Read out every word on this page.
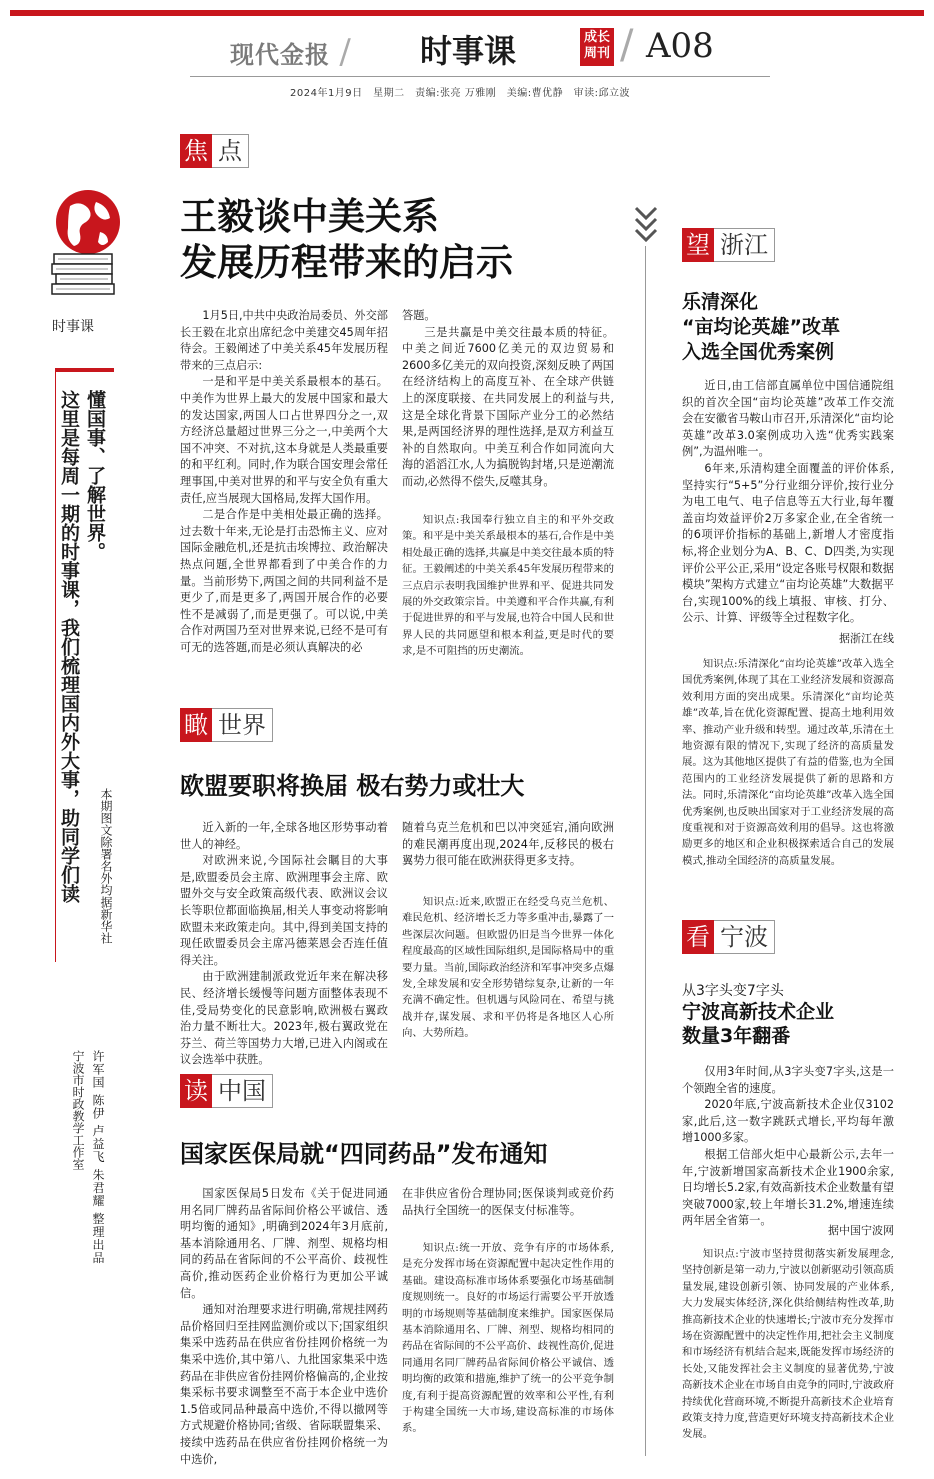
现代金报 / 时事课	成长周刊 / A08
2024年1月9日　星期二　责编:张亮 万雅刚　美编:曹优静　审读:邱立波
时事课
懂国事、了解世界。
这里是每周一期的时事课，我们梳理国内外大事，助同学们读 本期图文除署名外均据新华社
许军国 陈伊 卢益飞 朱君耀 整理出品
宁波市时政教学工作室
焦 点
王毅谈中美关系
发展历程带来的启示

1月5日,中共中央政治局委员、外交部长王毅在北京出席纪念中美建交45周年招待会。王毅阐述了中美关系45年发展历程带来的三点启示:

一是和平是中美关系最根本的基石。中美作为世界上最大的发展中国家和最大的发达国家,两国人口占世界四分之一,双方经济总量超过世界三分之一,中美两个大国不冲突、不对抗,这本身就是人类最重要的和平红利。同时,作为联合国安理会常任理事国,中美对世界的和平与安全负有重大责任,应当展现大国格局,发挥大国作用。

二是合作是中美相处最正确的选择。过去数十年来,无论是打击恐怖主义、应对国际金融危机,还是抗击埃博拉、政治解决热点问题,全世界都看到了中美合作的力量。当前形势下,两国之间的共同利益不是更少了,而是更多了,两国开展合作的必要性不是减弱了,而是更强了。可以说,中美合作对两国乃至对世界来说,已经不是可有可无的选答题,而是必须认真解决的必

答题。

三是共赢是中美交往最本质的特征。中美之间近7600亿美元的双边贸易和2600多亿美元的双向投资,深刻反映了两国在经济结构上的高度互补、在全球产供链上的深度联接、在共同发展上的利益与共,这是全球化背景下国际产业分工的必然结果,是两国经济界的理性选择,是双方利益互补的自然取向。中美互利合作如同流向大海的滔滔江水,人为搞脱钩封堵,只是逆潮流而动,必然得不偿失,反噬其身。

知识点:我国奉行独立自主的和平外交政策。和平是中美关系最根本的基石,合作是中美相处最正确的选择,共赢是中美交往最本质的特征。王毅阐述的中美关系45年发展历程带来的三点启示表明我国维护世界和平、促进共同发展的外交政策宗旨。中美遵和平合作共赢,有利于促进世界的和平与发展,也符合中国人民和世界人民的共同愿望和根本利益,更是时代的要求,是不可阻挡的历史潮流。

瞰 世界
欧盟要职将换届 极右势力或壮大

近入新的一年,全球各地区形势事动着世人的神经。

对欧洲来说,今国际社会瞩目的大事是,欧盟委员会主席、欧洲理事会主席、欧盟外交与安全政策高级代表、欧洲议会议长等职位都面临换届,相关人事变动将影响欧盟未来政策走向。其中,得到美国支持的现任欧盟委员会主席冯德莱恩会否连任值得关注。

由于欧洲建制派政党近年来在解决移民、经济增长缓慢等问题方面整体表现不佳,受局势变化的民意影响,欧洲极右翼政治力量不断壮大。2023年,极右翼政党在芬兰、荷兰等国势力大增,已进入内阁或在议会选举中获胜。

随着乌克兰危机和巴以冲突延宕,涌向欧洲的难民潮再度出现,2024年,反移民的极右翼势力很可能在欧洲获得更多支持。

知识点:近来,欧盟正在经受乌克兰危机、难民危机、经济增长乏力等多重冲击,暴露了一些深层次问题。但欧盟仍旧是当今世界一体化程度最高的区域性国际组织,是国际格局中的重要力量。当前,国际政治经济和军事冲突多点爆发,全球发展和安全形势错综复杂,让新的一年充满不确定性。但机遇与风险同在、希望与挑战并存,谋发展、求和平仍将是各地区人心所向、大势所趋。

读 中国
国家医保局就“四同药品”发布通知

国家医保局5日发布《关于促进同通用名同厂牌药品省际间价格公平诚信、透明均衡的通知》,明确到2024年3月底前,基本消除通用名、厂牌、剂型、规格均相同的药品在省际间的不公平高价、歧视性高价,推动医药企业价格行为更加公平诚信。

通知对治理要求进行明确,常规挂网药品价格回归至挂网监测价或以下;国家组织集采中选药品在供应省份挂网价格统一为集采中选价,其中第八、九批国家集采中选药品在非供应省份挂网价格偏高的,企业按集采标书要求调整至不高于本企业中选价1.5倍或同品种最高中选价,不得以撤网等方式规避价格协同;省级、省际联盟集采、接续中选药品在供应省份挂网价格统一为中选价,

在非供应省份合理协同;医保谈判或竞价药品执行全国统一的医保支付标准等。

知识点:统一开放、竞争有序的市场体系,是充分发挥市场在资源配置中起决定性作用的基础。建设高标准市场体系要强化市场基础制度规则统一。良好的市场运行需要公平开放透明的市场规则等基础制度来维护。国家医保局基本消除通用名、厂牌、剂型、规格均相同的药品在省际间的不公平高价、歧视性高价,促进同通用名同厂牌药品省际间价格公平诚信、透明均衡的政策和措施,维护了统一的公平竞争制度,有利于提高资源配置的效率和公平性,有利于构建全国统一大市场,建设高标准的市场体系。

望 浙江
乐清深化
“亩均论英雄”改革
入选全国优秀案例

近日,由工信部直属单位中国信通院组织的首次全国“亩均论英雄”改革工作交流会在安徽省马鞍山市召开,乐清深化“亩均论英雄”改革3.0案例成功入选“优秀实践案例”,为温州唯一。

6年来,乐清构建全面覆盖的评价体系,坚持实行“5+5”分行业细分评价,按行业分为电工电气、电子信息等五大行业,每年覆盖亩均效益评价2万多家企业,在全省统一的6项评价指标的基础上,新增人才密度指标,将企业划分为A、B、C、D四类,为实现评价公平公正,采用“设定各账号权限和数据模块”架构方式建立“亩均论英雄”大数据平台,实现100%的线上填报、审核、打分、公示、计算、评级等全过程数字化。

据浙江在线

知识点:乐清深化“亩均论英雄”改革入选全国优秀案例,体现了其在工业经济发展和资源高效利用方面的突出成果。乐清深化“亩均论英雄”改革,旨在优化资源配置、提高土地利用效率、推动产业升级和转型。通过改革,乐清在土地资源有限的情况下,实现了经济的高质量发展。这为其他地区提供了有益的借鉴,也为全国范围内的工业经济发展提供了新的思路和方法。同时,乐清深化“亩均论英雄”改革入选全国优秀案例,也反映出国家对于工业经济发展的高度重视和对于资源高效利用的倡导。这也将激励更多的地区和企业积极探索适合自己的发展模式,推动全国经济的高质量发展。

看 宁波
从3字头变7字头
宁波高新技术企业
数量3年翻番

仅用3年时间,从3字头变7字头,这是一个领跑全省的速度。

2020年底,宁波高新技术企业仅3102家,此后,这一数字跳跃式增长,平均每年激增1000多家。

根据工信部火炬中心最新公示,去年一年,宁波新增国家高新技术企业1900余家,日均增长5.2家,有效高新技术企业数量有望突破7000家,较上年增长31.2%,增速连续两年居全省第一。

据中国宁波网

知识点:宁波市坚持贯彻落实新发展理念,坚持创新是第一动力,宁波以创新驱动引领高质量发展,建设创新引领、协同发展的产业体系,大力发展实体经济,深化供给侧结构性改革,助推高新技术企业的快速增长;宁波市充分发挥市场在资源配置中的决定性作用,把社会主义制度和市场经济有机结合起来,既能发挥市场经济的长处,又能发挥社会主义制度的显著优势,宁波高新技术企业在市场自由竞争的同时,宁波政府持续优化营商环境,不断提升高新技术企业培育政策支持力度,营造更好环境支持高新技术企业发展。
